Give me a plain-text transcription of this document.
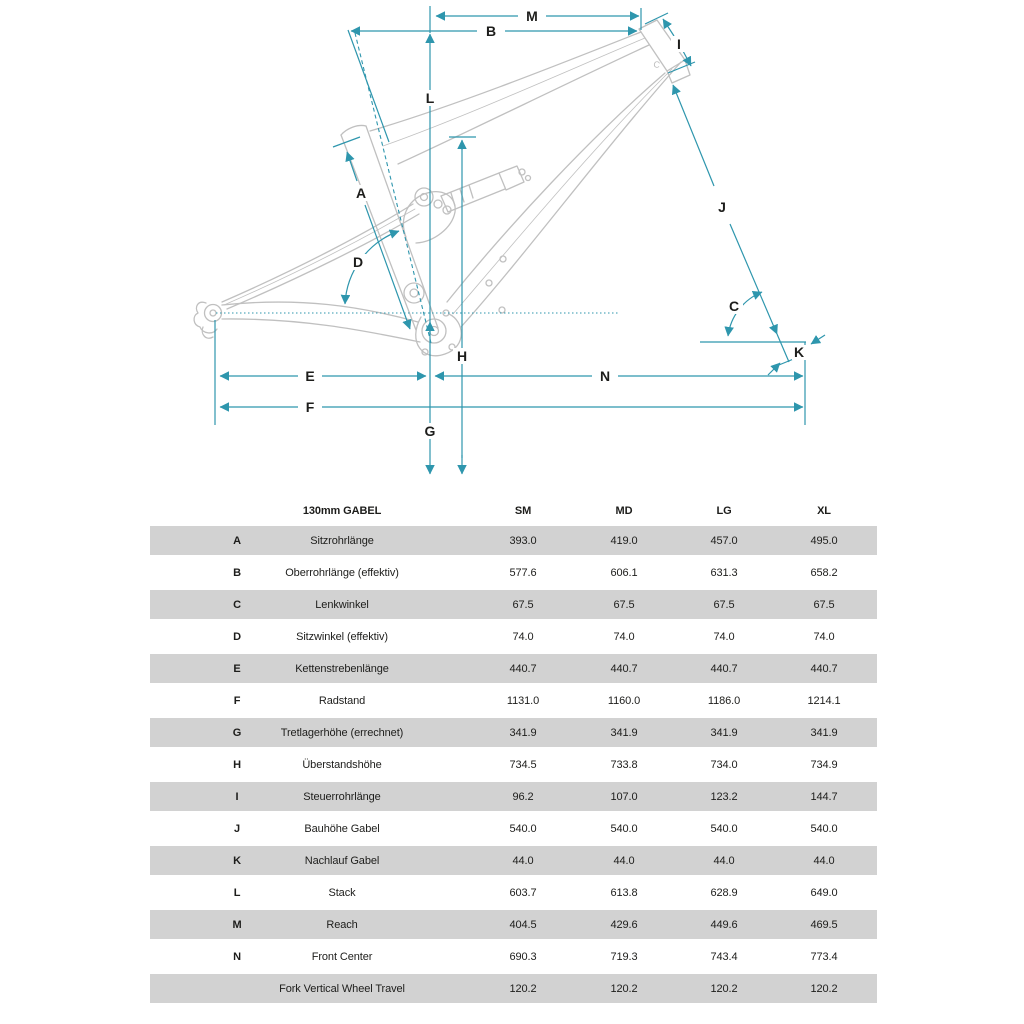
C
M
B
I
L
A
J
D
C
K
H
E	N
F
G
130mm GABEL	SM	MD	LG	XL
A	Sitzrohrlänge	393.0	419.0	457.0	495.0
B	Oberrohrlänge (effektiv)	577.6	606.1	631.3	658.2
C	Lenkwinkel	67.5	67.5	67.5	67.5
D	Sitzwinkel (effektiv)	74.0	74.0	74.0	74.0
E	Kettenstrebenlänge	440.7	440.7	440.7	440.7
F	Radstand	1131.0	1160.0	1186.0	1214.1
G	Tretlagerhöhe (errechnet)	341.9	341.9	341.9	341.9
H	Überstandshöhe	734.5	733.8	734.0	734.9
I	Steuerrohrlänge	96.2	107.0	123.2	144.7
J	Bauhöhe Gabel	540.0	540.0	540.0	540.0
K	Nachlauf Gabel	44.0	44.0	44.0	44.0
L	Stack	603.7	613.8	628.9	649.0
M	Reach	404.5	429.6	449.6	469.5
N	Front Center	690.3	719.3	743.4	773.4
Fork Vertical Wheel Travel	120.2	120.2	120.2	120.2
